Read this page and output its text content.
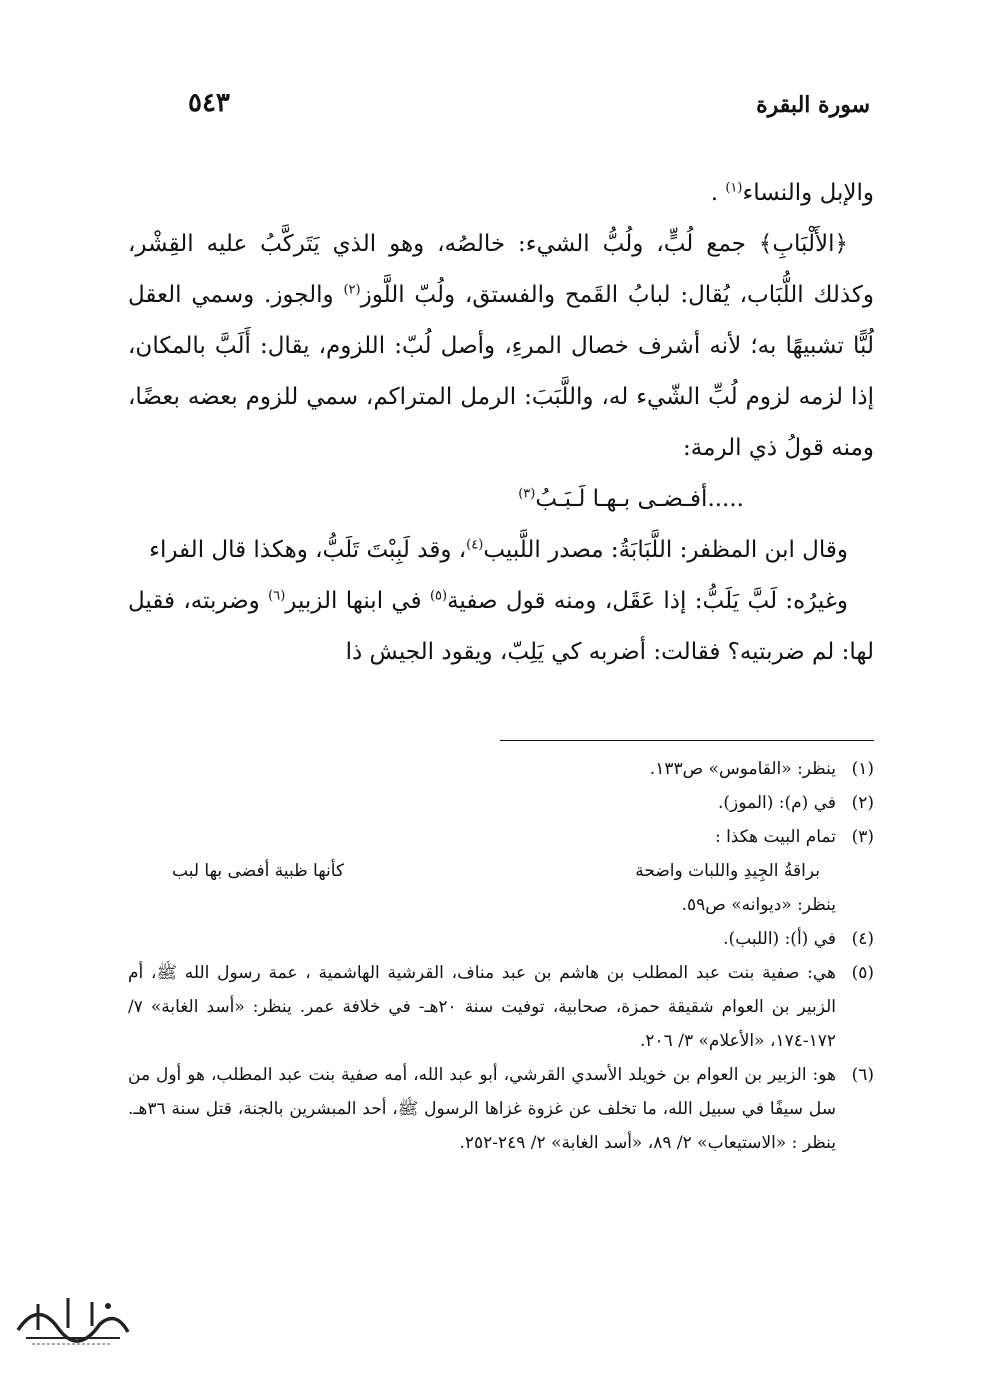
سورة البقرة
٥٤٣

والإبل والنساء$^{(١)}$ .

﴿الأَلْبَابِ﴾ جمع لُبٍّ، ولُبُّ الشيء: خالصُه، وهو الذي يَتَركَّبُ عليه القِشْر، وكذلك اللُّبَاب، يُقال: لبابُ القَمح والفستق، ولُبّ اللَّوز$^{(٢)}$ والجوز. وسمي العقل لُبًّا تشبيهًا به؛ لأنه أشرف خصال المرءِ، وأصل لُبّ: اللزوم، يقال: أَلَبَّ بالمكان، إذا لزمه لزوم لُبِّ الشّيء له، واللَّبَبَ: الرمل المتراكم، سمي للزوم بعضه بعضًا، ومنه قولُ ذي الرمة:

.....أفـضـى بـهـا لَـبَـبُ$^{(٣)}$

وقال ابن المظفر: اللَّبَابَةُ: مصدر اللَّبيب$^{(٤)}$، وقد لَبِبْتَ تَلَبُّ، وهكذا قال الفراء

وغيرُه: لَبَّ يَلَبُّ: إذا عَقَل، ومنه قول صفية$^{(٥)}$ في ابنها الزبير$^{(٦)}$ وضربته، فقيل لها: لم ضربتيه؟ فقالت: أضربه كي يَلِبّ، ويقود الجيش ذا

(١)
ينظر: «القاموس» ص١٣٣.
(٢)
في (م): (الموز).
(٣)
تمام البيت هكذا :
براقةُ الجِيدِ واللبات واضحة
كأنها ظبية أفضى بها لبب
ينظر: «ديوانه» ص٥٩.
(٤)
في (أ): (اللبب).
(٥)
هي: صفية بنت عبد المطلب بن هاشم بن عبد مناف، القرشية الهاشمية ، عمة رسول الله ﷺ، أم الزبير بن العوام شقيقة حمزة، صحابية، توفيت سنة ٢٠هـ- في خلافة عمر. ينظر: «أسد الغابة» ٧/ ١٧٢-١٧٤، «الأعلام» ٣/ ٢٠٦.
(٦)
هو: الزبير بن العوام بن خويلد الأسدي القرشي، أبو عبد الله، أمه صفية بنت عبد المطلب، هو أول من سل سيفًا في سبيل الله، ما تخلف عن غزوة غزاها الرسول ﷺ، أحد المبشرين بالجنة، قتل سنة ٣٦هـ. ينظر : «الاستيعاب» ٢/ ٨٩، «أسد الغابة» ٢/ ٢٤٩-٢٥٢.
